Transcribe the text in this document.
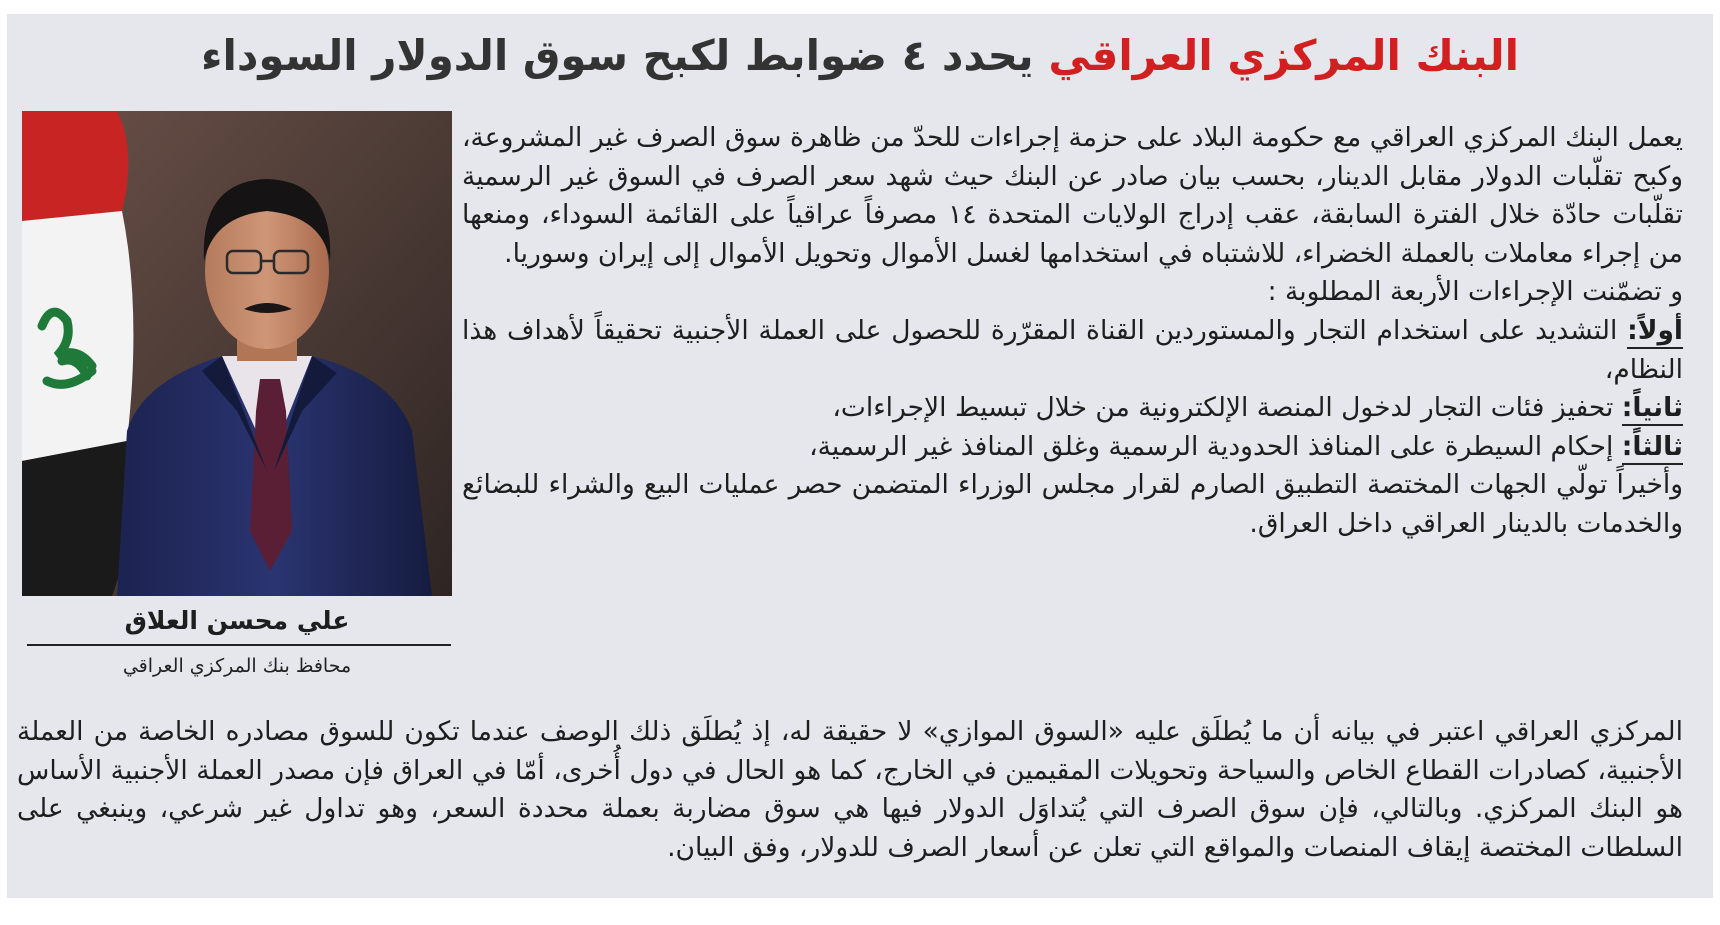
البنك المركزي العراقي يحدد ٤ ضوابط لكبح سوق الدولار السوداء
علي محسن العلاق
محافظ بنك المركزي العراقي

يعمل البنك المركزي العراقي مع حكومة البلاد على حزمة إجراءات للحدّ من ظاهرة سوق الصرف غير المشروعة، وكبح تقلّبات الدولار مقابل الدينار، بحسب بيان صادر عن البنك حيث شهد سعر الصرف في السوق غير الرسمية تقلّبات حادّة خلال الفترة السابقة، عقب إدراج الولايات المتحدة ١٤ مصرفاً عراقياً على القائمة السوداء، ومنعها من إجراء معاملات بالعملة الخضراء، للاشتباه في استخدامها لغسل الأموال وتحويل الأموال إلى إيران وسوريا.

و تضمّنت الإجراءات الأربعة المطلوبة :

أولاً: التشديد على استخدام التجار والمستوردين القناة المقرّرة للحصول على العملة الأجنبية تحقيقاً لأهداف هذا النظام،

ثانياً: تحفيز فئات التجار لدخول المنصة الإلكترونية من خلال تبسيط الإجراءات،

ثالثاً: إحكام السيطرة على المنافذ الحدودية الرسمية وغلق المنافذ غير الرسمية،

وأخيراً تولّي الجهات المختصة التطبيق الصارم لقرار مجلس الوزراء المتضمن حصر عمليات البيع والشراء للبضائع والخدمات بالدينار العراقي داخل العراق.

المركزي العراقي اعتبر في بيانه أن ما يُطلَق عليه «السوق الموازي» لا حقيقة له، إذ يُطلَق ذلك الوصف عندما تكون للسوق مصادره الخاصة من العملة الأجنبية، كصادرات القطاع الخاص والسياحة وتحويلات المقيمين في الخارج، كما هو الحال في دول أُخرى، أمّا في العراق فإن مصدر العملة الأجنبية الأساس هو البنك المركزي. وبالتالي، فإن سوق الصرف التي يُتداوَل الدولار فيها هي سوق مضاربة بعملة محددة السعر، وهو تداول غير شرعي، وينبغي على السلطات المختصة إيقاف المنصات والمواقع التي تعلن عن أسعار الصرف للدولار، وفق البيان.
